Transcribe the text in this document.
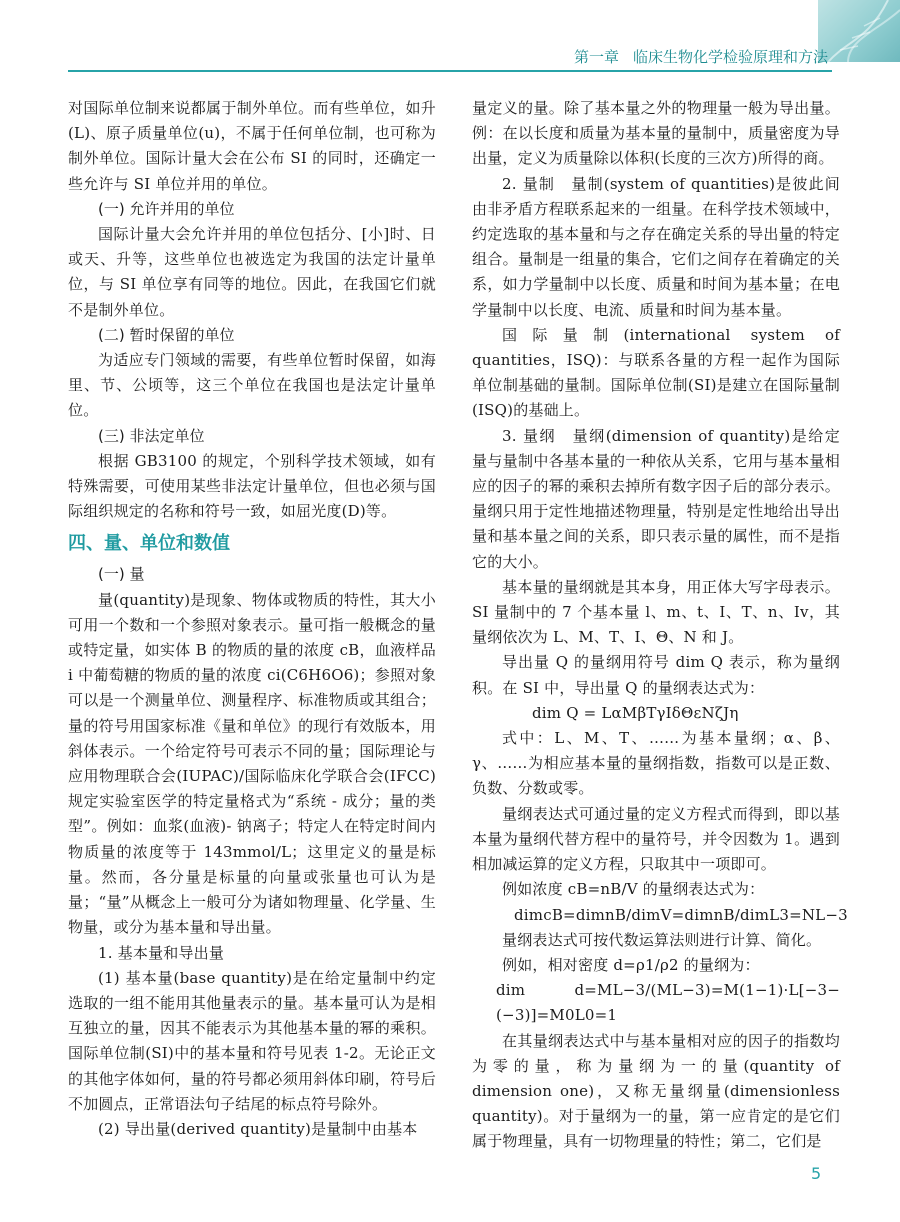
第一章 临床生物化学检验原理和方法

对国际单位制来说都属于制外单位。而有些单位，如升(L)、原子质量单位(u)，不属于任何单位制，也可称为制外单位。国际计量大会在公布 SI 的同时，还确定一些允许与 SI 单位并用的单位。

(一) 允许并用的单位

国际计量大会允许并用的单位包括分、[小]时、日或天、升等，这些单位也被选定为我国的法定计量单位，与 SI 单位享有同等的地位。因此，在我国它们就不是制外单位。

(二) 暂时保留的单位

为适应专门领域的需要，有些单位暂时保留，如海里、节、公顷等，这三个单位在我国也是法定计量单位。

(三) 非法定单位

根据 GB3100 的规定，个别科学技术领域，如有特殊需要，可使用某些非法定计量单位，但也必须与国际组织规定的名称和符号一致，如屈光度(D)等。

四、量、单位和数值
(一) 量

量(quantity)是现象、物体或物质的特性，其大小可用一个数和一个参照对象表示。量可指一般概念的量或特定量，如实体 B 的物质的量的浓度 cB，血液样品 i 中葡萄糖的物质的量的浓度 ci(C6H6O6)；参照对象可以是一个测量单位、测量程序、标准物质或其组合；量的符号用国家标准《量和单位》的现行有效版本，用斜体表示。一个给定符号可表示不同的量；国际理论与应用物理联合会(IUPAC)/国际临床化学联合会(IFCC)规定实验室医学的特定量格式为“系统 - 成分；量的类型”。例如：血浆(血液)- 钠离子；特定人在特定时间内物质量的浓度等于 143mmol/L；这里定义的量是标量。然而，各分量是标量的向量或张量也可认为是量；“量”从概念上一般可分为诸如物理量、化学量、生物量，或分为基本量和导出量。

1. 基本量和导出量

(1) 基本量(base quantity)是在给定量制中约定选取的一组不能用其他量表示的量。基本量可认为是相互独立的量，因其不能表示为其他基本量的幂的乘积。国际单位制(SI)中的基本量和符号见表 1-2。无论正文的其他字体如何，量的符号都必须用斜体印刷，符号后不加圆点，正常语法句子结尾的标点符号除外。

(2) 导出量(derived quantity)是量制中由基本

量定义的量。除了基本量之外的物理量一般为导出量。例：在以长度和质量为基本量的量制中，质量密度为导出量，定义为质量除以体积(长度的三次方)所得的商。

2. 量制　量制(system of quantities)是彼此间由非矛盾方程联系起来的一组量。在科学技术领域中，约定选取的基本量和与之存在确定关系的导出量的特定组合。量制是一组量的集合，它们之间存在着确定的关系，如力学量制中以长度、质量和时间为基本量；在电学量制中以长度、电流、质量和时间为基本量。

国际量制(international system of quantities，ISQ)：与联系各量的方程一起作为国际单位制基础的量制。国际单位制(SI)是建立在国际量制(ISQ)的基础上。

3. 量纲　量纲(dimension of quantity)是给定量与量制中各基本量的一种依从关系，它用与基本量相应的因子的幂的乘积去掉所有数字因子后的部分表示。量纲只用于定性地描述物理量，特别是定性地给出导出量和基本量之间的关系，即只表示量的属性，而不是指它的大小。

基本量的量纲就是其本身，用正体大写字母表示。SI 量制中的 7 个基本量 l、m、t、I、T、n、Iv，其量纲依次为 L、M、T、I、Θ、N 和 J。

导出量 Q 的量纲用符号 dim Q 表示，称为量纲积。在 SI 中，导出量 Q 的量纲表达式为：

dim Q = LαMβTγIδΘεNζJη

式中：L、M、T、……为基本量纲；α、β、γ、……为相应基本量的量纲指数，指数可以是正数、负数、分数或零。

量纲表达式可通过量的定义方程式而得到，即以基本量为量纲代替方程中的量符号，并令因数为 1。遇到相加减运算的定义方程，只取其中一项即可。

例如浓度 cB=nB/V 的量纲表达式为：

dimcB=dimnB/dimV=dimnB/dimL3=NL−3

量纲表达式可按代数运算法则进行计算、简化。

例如，相对密度 d=ρ1/ρ2 的量纲为：

dim d=ML−3/(ML−3)=M(1−1)·L[−3−(−3)]=M0L0=1

在其量纲表达式中与基本量相对应的因子的指数均为零的量，称为量纲为一的量(quantity of dimension one)，又称无量纲量(dimensionless quantity)。对于量纲为一的量，第一应肯定的是它们属于物理量，具有一切物理量的特性；第二，它们是

5
